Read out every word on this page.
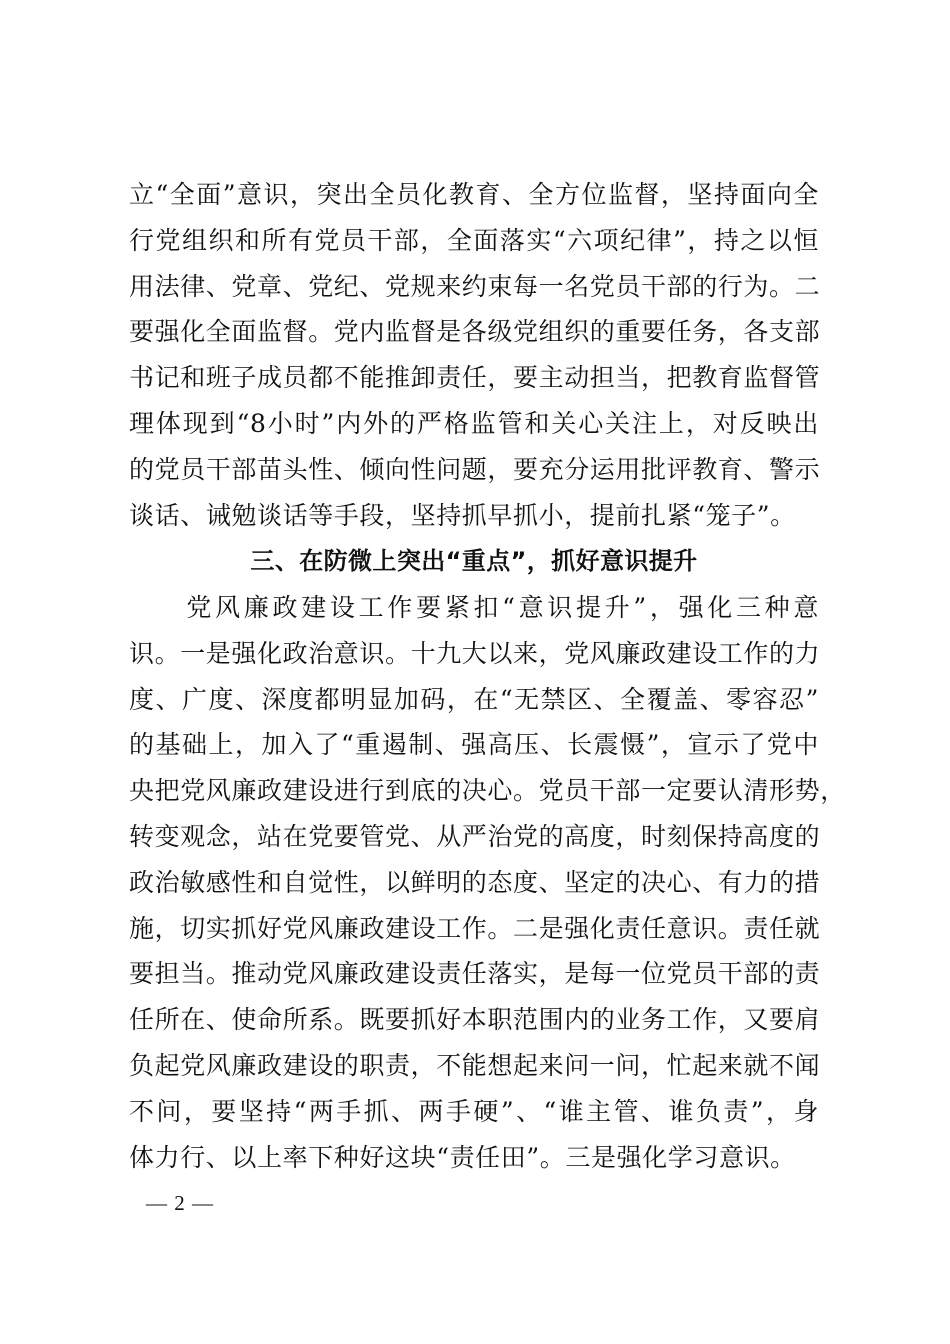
立“全面”意识，突出全员化教育、全方位监督，坚持面向全
行党组织和所有党员干部，全面落实“六项纪律”，持之以恒
用法律、党章、党纪、党规来约束每一名党员干部的行为。二
要强化全面监督。党内监督是各级党组织的重要任务，各支部
书记和班子成员都不能推卸责任，要主动担当，把教育监督管
理体现到“8小时”内外的严格监管和关心关注上，对反映出
的党员干部苗头性、倾向性问题，要充分运用批评教育、警示
谈话、诫勉谈话等手段，坚持抓早抓小，提前扎紧“笼子”。
三、在防微上突出“重点”，抓好意识提升
　　党风廉政建设工作要紧扣“意识提升”，强化三种意
识。一是强化政治意识。十九大以来，党风廉政建设工作的力
度、广度、深度都明显加码，在“无禁区、全覆盖、零容忍”
的基础上，加入了“重遏制、强高压、长震慑”，宣示了党中
央把党风廉政建设进行到底的决心。党员干部一定要认清形势，
转变观念，站在党要管党、从严治党的高度，时刻保持高度的
政治敏感性和自觉性，以鲜明的态度、坚定的决心、有力的措
施，切实抓好党风廉政建设工作。二是强化责任意识。责任就
要担当。推动党风廉政建设责任落实，是每一位党员干部的责
任所在、使命所系。既要抓好本职范围内的业务工作，又要肩
负起党风廉政建设的职责，不能想起来问一问，忙起来就不闻
不问，要坚持“两手抓、两手硬”、“谁主管、谁负责”，身
体力行、以上率下种好这块“责任田”。三是强化学习意识。
— 2 —
